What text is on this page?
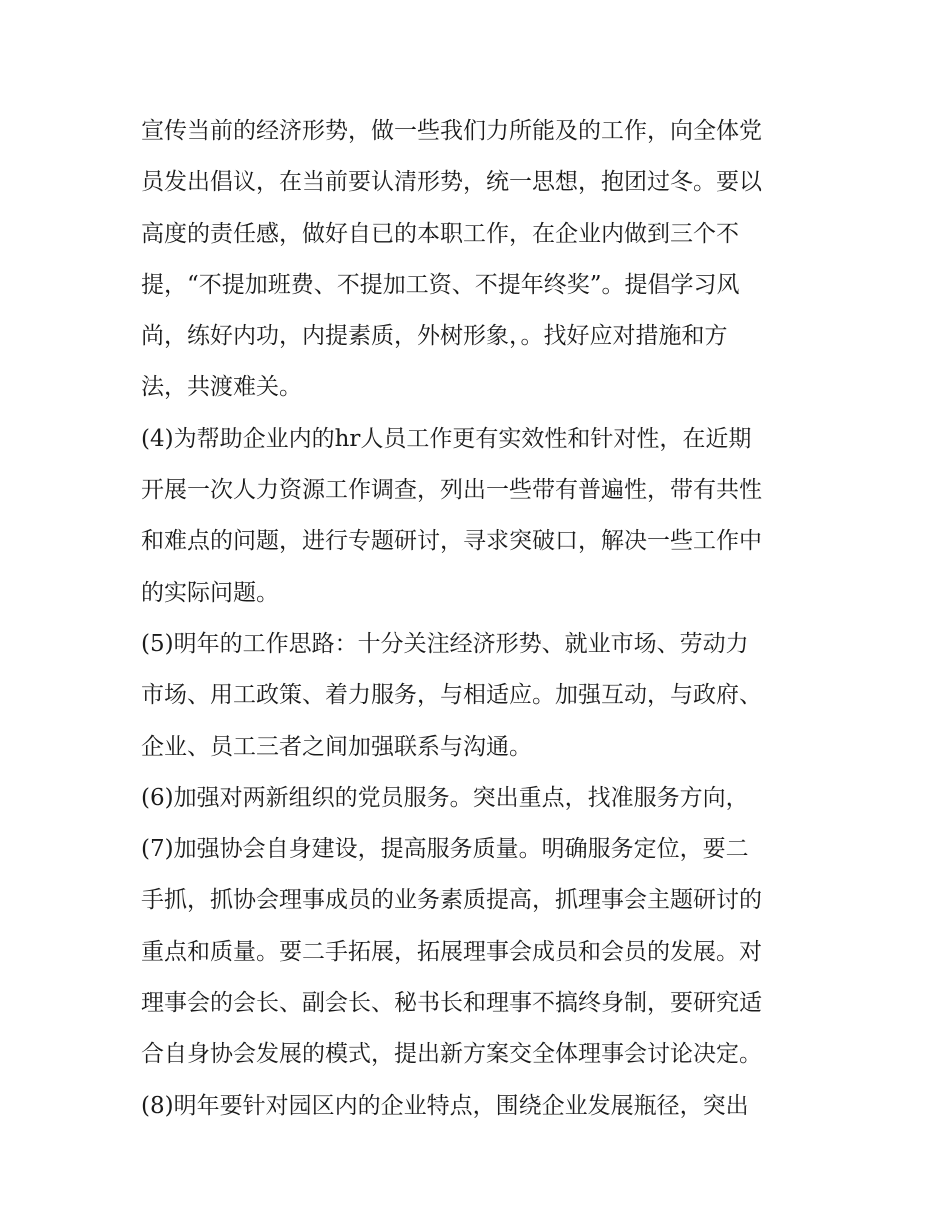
宣传当前的经济形势，做一些我们力所能及的工作，向全体党
员发出倡议，在当前要认清形势，统一思想，抱团过冬。要以
高度的责任感，做好自已的本职工作，在企业内做到三个不
提，“不提加班费、不提加工资、不提年终奖”。提倡学习风
尚，练好内功，内提素质，外树形象，。找好应对措施和方
法，共渡难关。
(4)为帮助企业内的hr人员工作更有实效性和针对性，在近期
开展一次人力资源工作调查，列出一些带有普遍性，带有共性
和难点的问题，进行专题研讨，寻求突破口，解决一些工作中
的实际问题。
(5)明年的工作思路：十分关注经济形势、就业市场、劳动力
市场、用工政策、着力服务，与相适应。加强互动，与政府、
企业、员工三者之间加强联系与沟通。
(6)加强对两新组织的党员服务。突出重点，找准服务方向，
(7)加强协会自身建设，提高服务质量。明确服务定位，要二
手抓，抓协会理事成员的业务素质提高，抓理事会主题研讨的
重点和质量。要二手拓展，拓展理事会成员和会员的发展。对
理事会的会长、副会长、秘书长和理事不搞终身制，要研究适
合自身协会发展的模式，提出新方案交全体理事会讨论决定。
(8)明年要针对园区内的企业特点，围绕企业发展瓶径，突出
